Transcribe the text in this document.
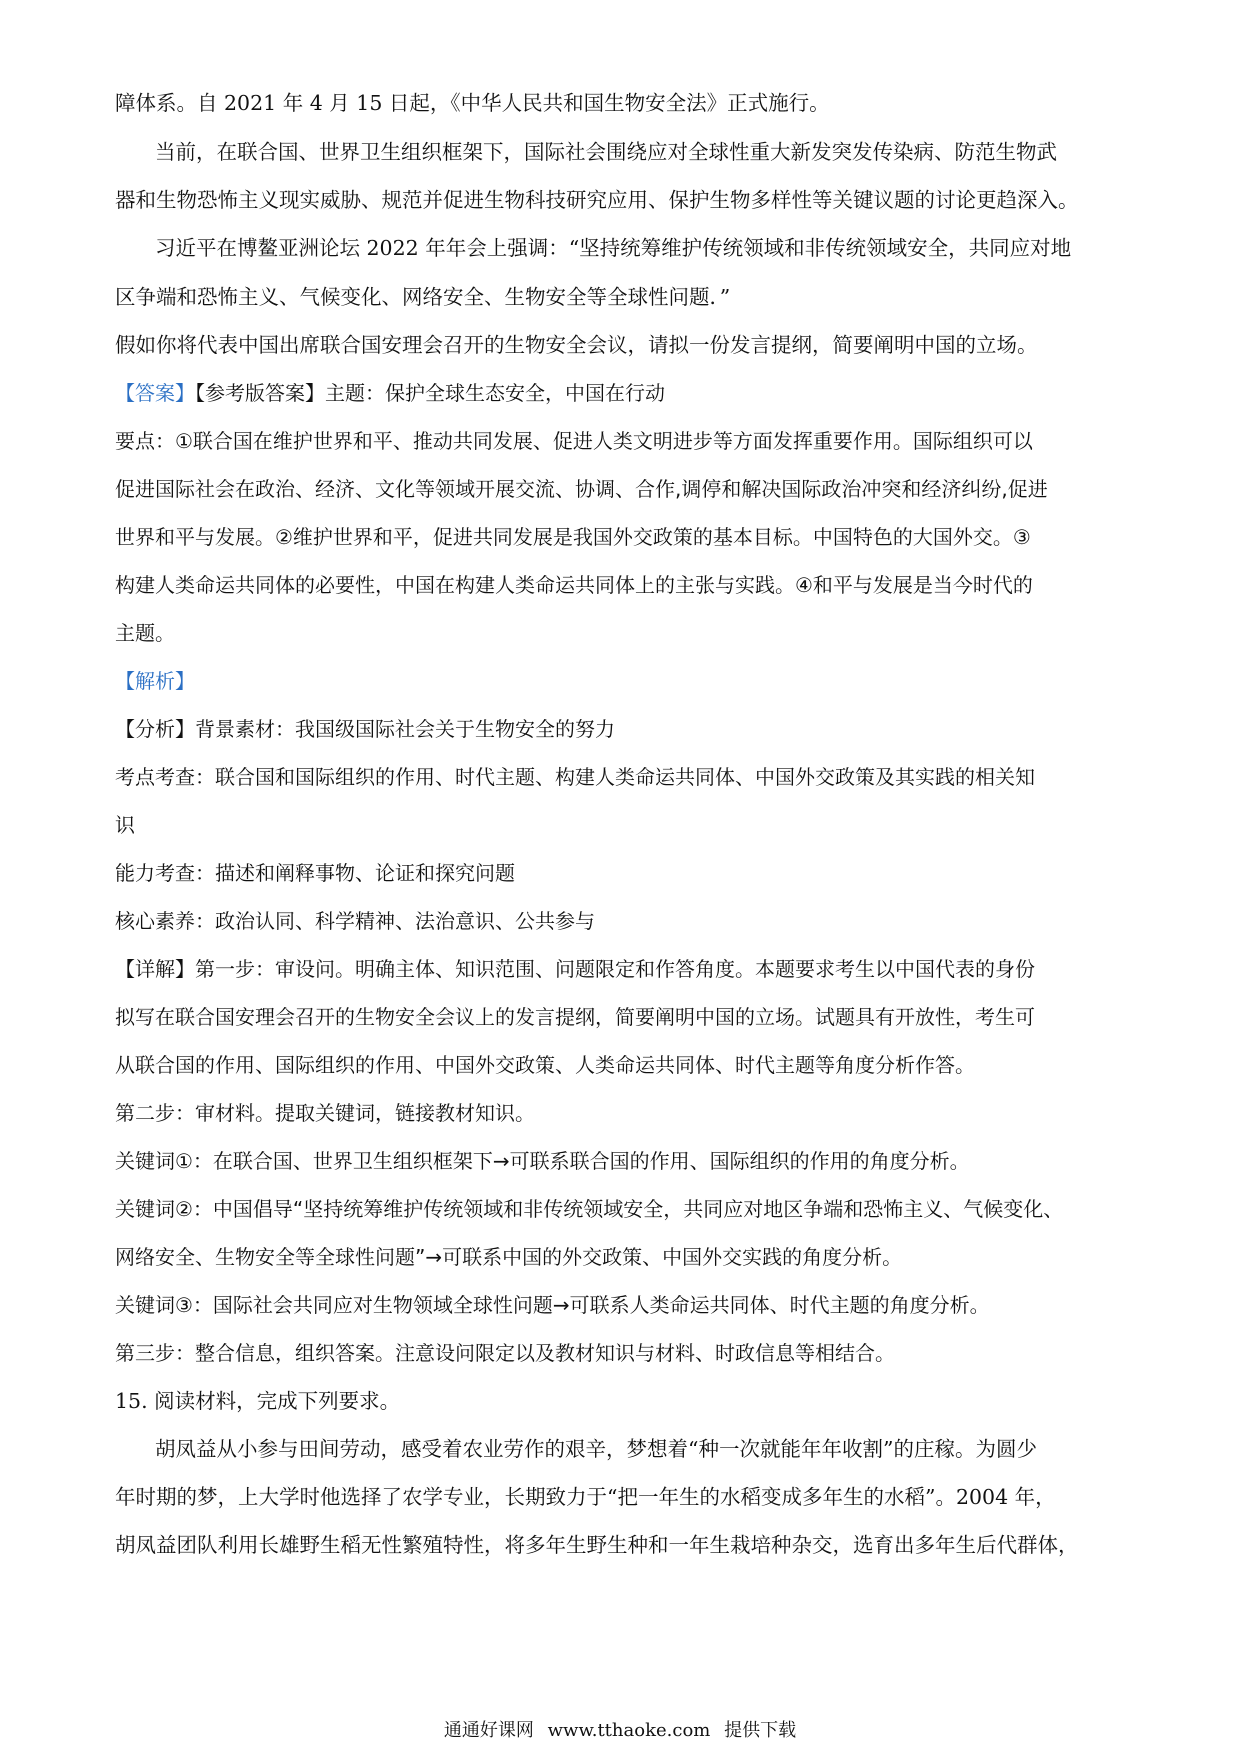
障体系。自 2021 年 4 月 15 日起，《中华人民共和国生物安全法》正式施行。
当前，在联合国、世界卫生组织框架下，国际社会围绕应对全球性重大新发突发传染病、防范生物武
器和生物恐怖主义现实威胁、规范并促进生物科技研究应用、保护生物多样性等关键议题的讨论更趋深入。
习近平在博鳌亚洲论坛 2022 年年会上强调：“坚持统筹维护传统领域和非传统领域安全，共同应对地
区争端和恐怖主义、气候变化、网络安全、生物安全等全球性问题．”
假如你将代表中国出席联合国安理会召开的生物安全会议，请拟一份发言提纲，简要阐明中国的立场。
【答案】【参考版答案】主题：保护全球生态安全，中国在行动
要点：①联合国在维护世界和平、推动共同发展、促进人类文明进步等方面发挥重要作用。国际组织可以
促进国际社会在政治、经济、文化等领域开展交流、协调、合作,调停和解决国际政治冲突和经济纠纷,促进
世界和平与发展。②维护世界和平，促进共同发展是我国外交政策的基本目标。中国特色的大国外交。③
构建人类命运共同体的必要性，中国在构建人类命运共同体上的主张与实践。④和平与发展是当今时代的
主题。
【解析】
【分析】背景素材：我国级国际社会关于生物安全的努力
考点考查：联合国和国际组织的作用、时代主题、构建人类命运共同体、中国外交政策及其实践的相关知
识
能力考查：描述和阐释事物、论证和探究问题
核心素养：政治认同、科学精神、法治意识、公共参与
【详解】第一步：审设问。明确主体、知识范围、问题限定和作答角度。本题要求考生以中国代表的身份
拟写在联合国安理会召开的生物安全会议上的发言提纲，简要阐明中国的立场。试题具有开放性，考生可
从联合国的作用、国际组织的作用、中国外交政策、人类命运共同体、时代主题等角度分析作答。
第二步：审材料。提取关键词，链接教材知识。
关键词①：在联合国、世界卫生组织框架下→可联系联合国的作用、国际组织的作用的角度分析。
关键词②：中国倡导“坚持统筹维护传统领域和非传统领域安全，共同应对地区争端和恐怖主义、气候变化、
网络安全、生物安全等全球性问题”→可联系中国的外交政策、中国外交实践的角度分析。
关键词③：国际社会共同应对生物领域全球性问题→可联系人类命运共同体、时代主题的角度分析。
第三步：整合信息，组织答案。注意设问限定以及教材知识与材料、时政信息等相结合。
15. 阅读材料，完成下列要求。
胡凤益从小参与田间劳动，感受着农业劳作的艰辛，梦想着“种一次就能年年收割”的庄稼。为圆少
年时期的梦，上大学时他选择了农学专业，长期致力于“把一年生的水稻变成多年生的水稻”。2004 年，
胡凤益团队利用长雄野生稻无性繁殖特性，将多年生野生种和一年生栽培种杂交，选育出多年生后代群体，
通通好课网 www.tthaoke.com 提供下载
